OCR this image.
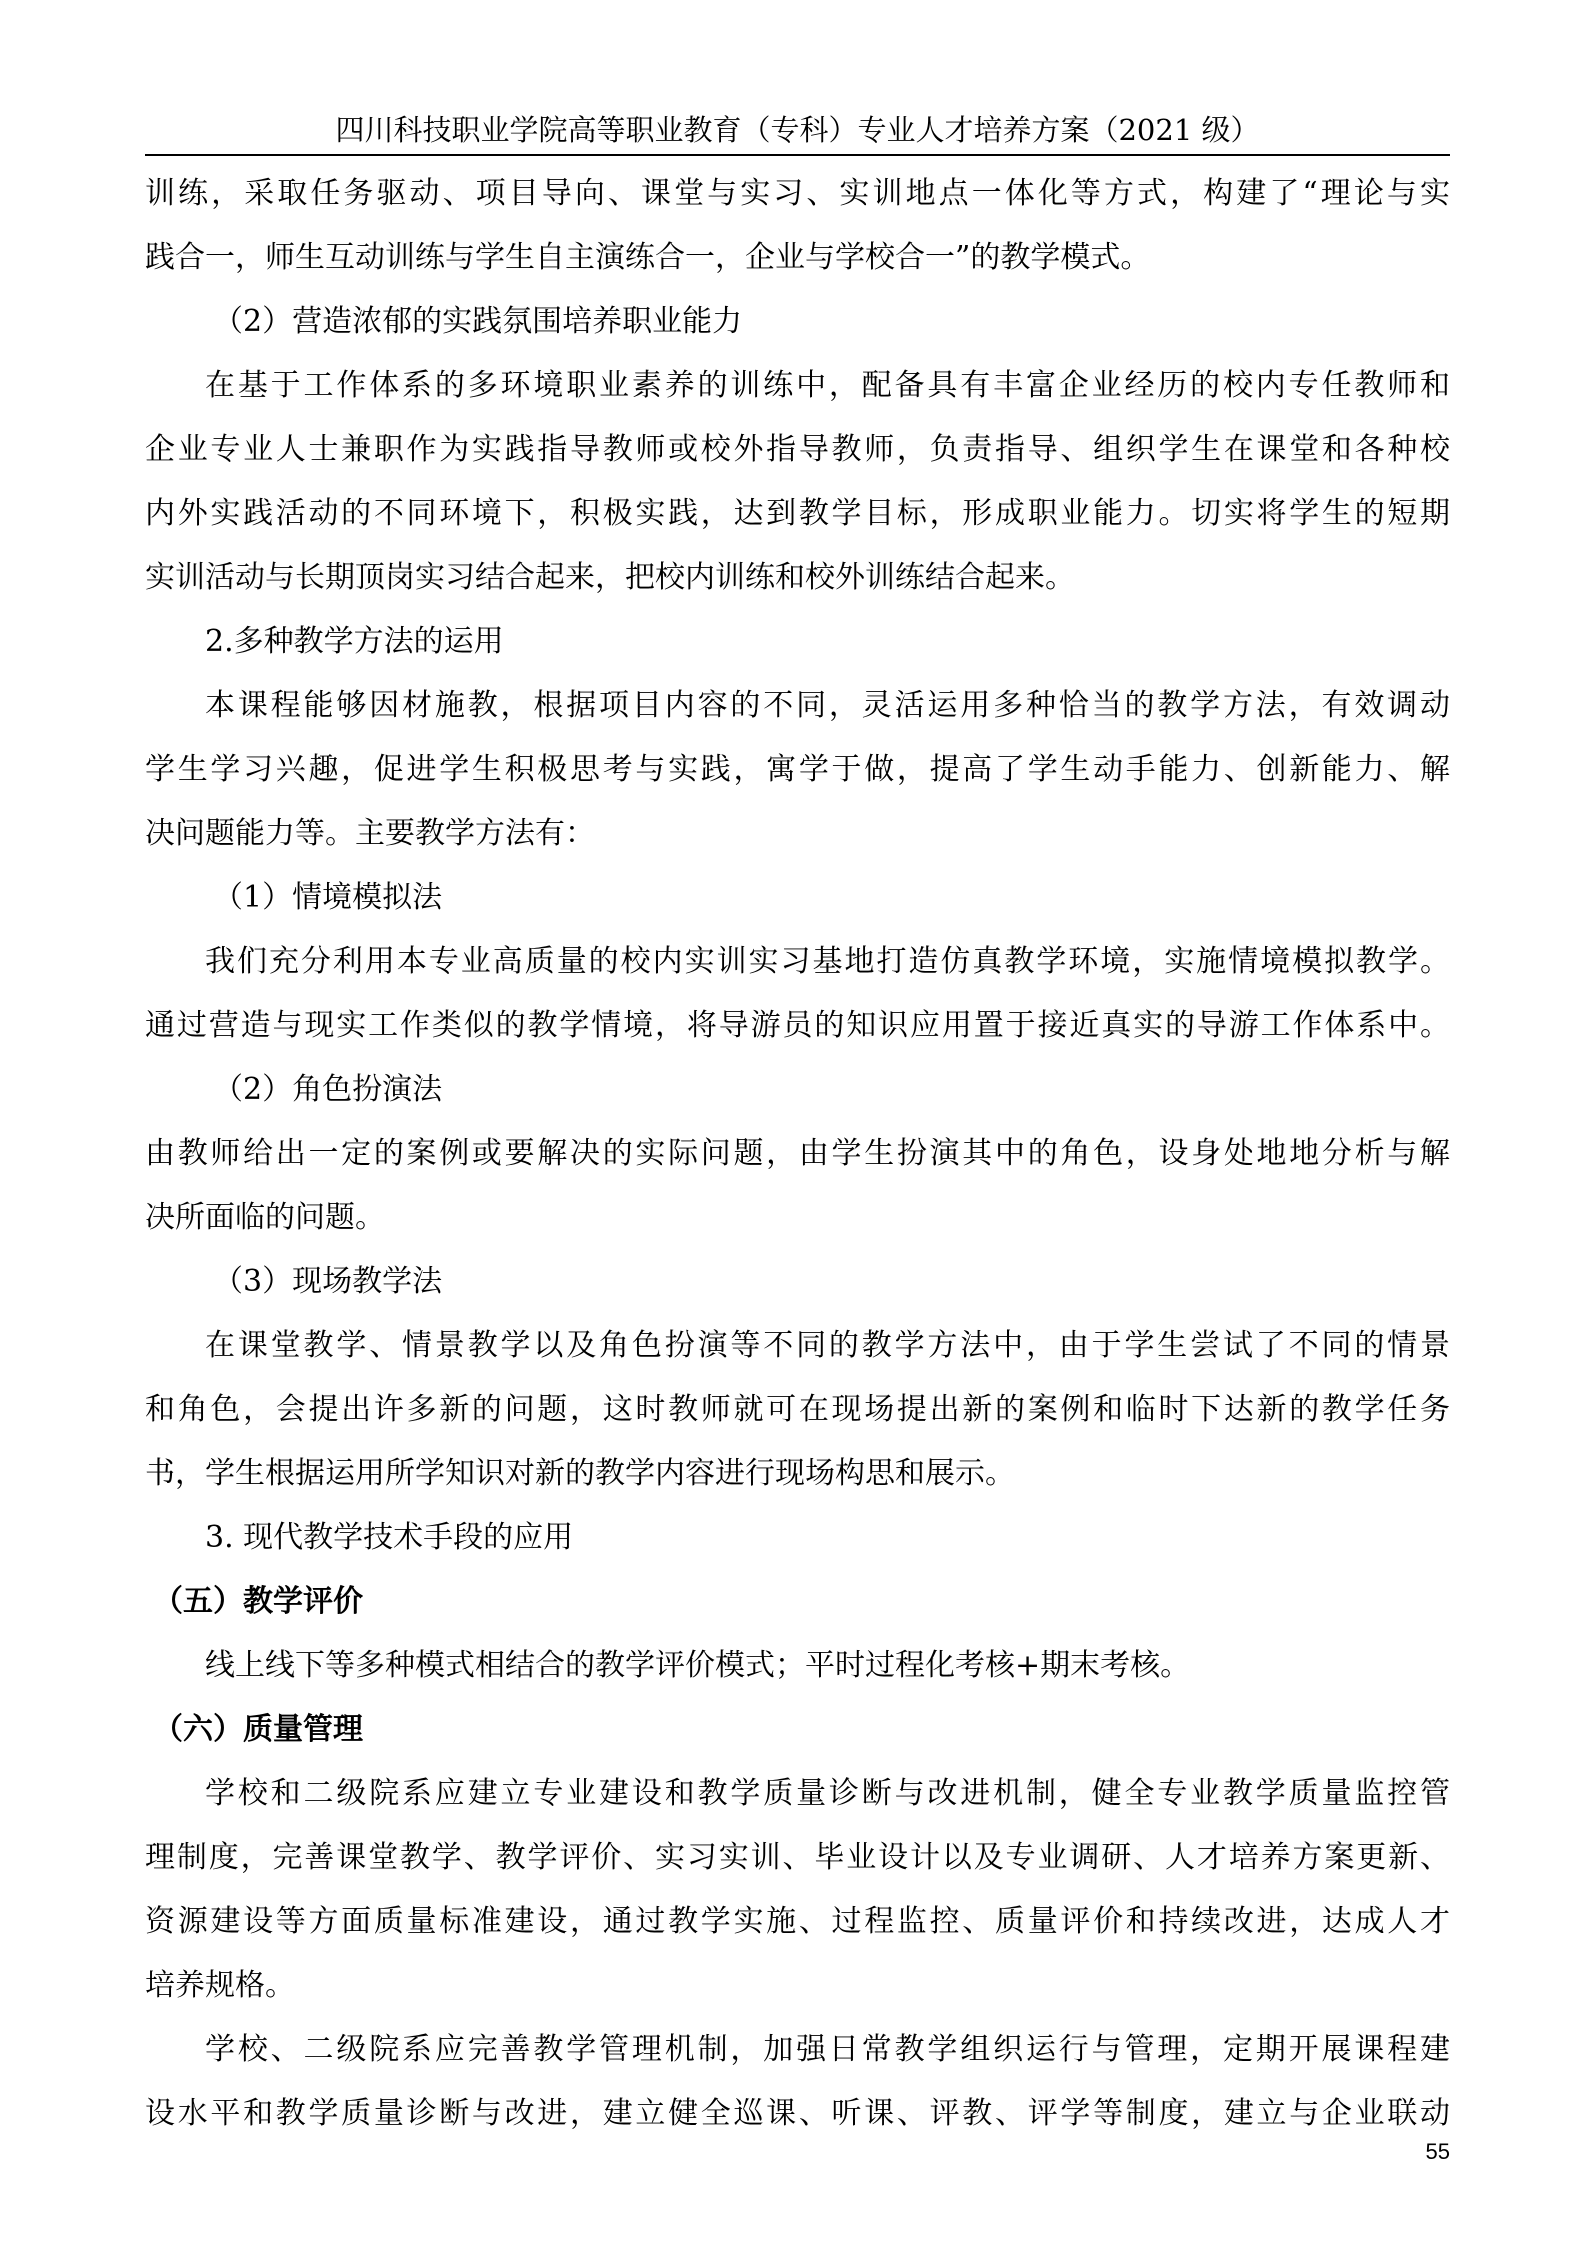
四川科技职业学院高等职业教育（专科）专业人才培养方案（2021 级）
训练，采取任务驱动、项目导向、课堂与实习、实训地点一体化等方式，构建了“理论与实
践合一，师生互动训练与学生自主演练合一，企业与学校合一”的教学模式。
（2）营造浓郁的实践氛围培养职业能力
在基于工作体系的多环境职业素养的训练中，配备具有丰富企业经历的校内专任教师和
企业专业人士兼职作为实践指导教师或校外指导教师，负责指导、组织学生在课堂和各种校
内外实践活动的不同环境下，积极实践，达到教学目标，形成职业能力。切实将学生的短期
实训活动与长期顶岗实习结合起来，把校内训练和校外训练结合起来。
2.多种教学方法的运用
本课程能够因材施教，根据项目内容的不同，灵活运用多种恰当的教学方法，有效调动
学生学习兴趣，促进学生积极思考与实践，寓学于做，提高了学生动手能力、创新能力、解
决问题能力等。主要教学方法有：
（1）情境模拟法
我们充分利用本专业高质量的校内实训实习基地打造仿真教学环境，实施情境模拟教学。
通过营造与现实工作类似的教学情境，将导游员的知识应用置于接近真实的导游工作体系中。
（2）角色扮演法
由教师给出一定的案例或要解决的实际问题，由学生扮演其中的角色，设身处地地分析与解
决所面临的问题。
（3）现场教学法
在课堂教学、情景教学以及角色扮演等不同的教学方法中，由于学生尝试了不同的情景
和角色，会提出许多新的问题，这时教师就可在现场提出新的案例和临时下达新的教学任务
书，学生根据运用所学知识对新的教学内容进行现场构思和展示。
3. 现代教学技术手段的应用
（五）教学评价
线上线下等多种模式相结合的教学评价模式；平时过程化考核+期末考核。
（六）质量管理
学校和二级院系应建立专业建设和教学质量诊断与改进机制，健全专业教学质量监控管
理制度，完善课堂教学、教学评价、实习实训、毕业设计以及专业调研、人才培养方案更新、
资源建设等方面质量标准建设，通过教学实施、过程监控、质量评价和持续改进，达成人才
培养规格。
学校、二级院系应完善教学管理机制，加强日常教学组织运行与管理，定期开展课程建
设水平和教学质量诊断与改进，建立健全巡课、听课、评教、评学等制度，建立与企业联动
55
